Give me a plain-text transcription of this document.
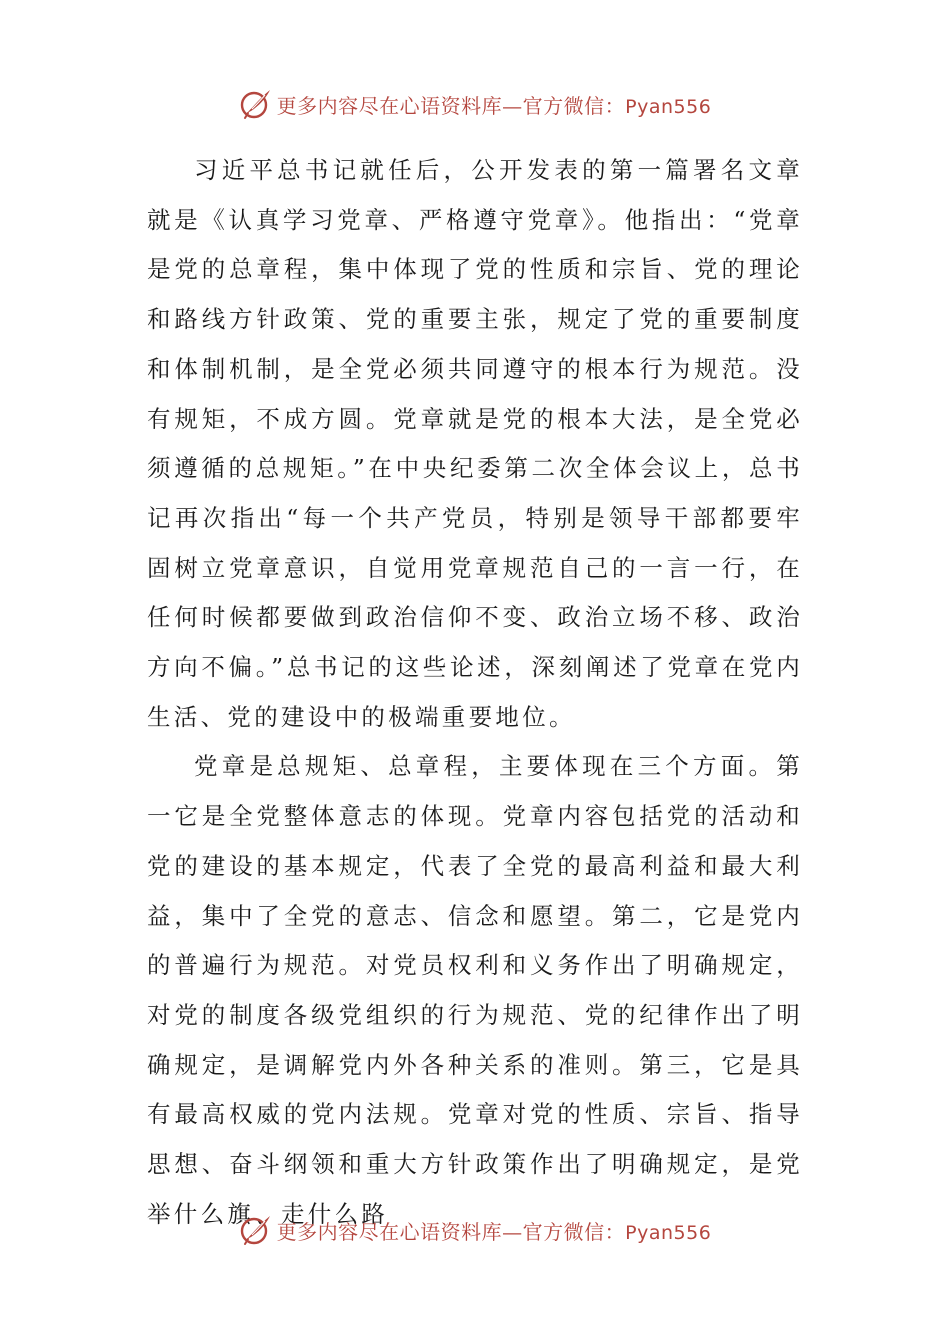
更多内容尽在心语资料库—官方微信：Pyan556

习近平总书记就任后，公开发表的第一篇署名文章就是《认真学习党章、严格遵守党章》。他指出：“党章是党的总章程，集中体现了党的性质和宗旨、党的理论和路线方针政策、党的重要主张，规定了党的重要制度和体制机制，是全党必须共同遵守的根本行为规范。没有规矩，不成方圆。党章就是党的根本大法，是全党必须遵循的总规矩。”在中央纪委第二次全体会议上，总书记再次指出“每一个共产党员，特别是领导干部都要牢固树立党章意识，自觉用党章规范自己的一言一行，在任何时候都要做到政治信仰不变、政治立场不移、政治方向不偏。”总书记的这些论述，深刻阐述了党章在党内生活、党的建设中的极端重要地位。

党章是总规矩、总章程，主要体现在三个方面。第一它是全党整体意志的体现。党章内容包括党的活动和党的建设的基本规定，代表了全党的最高利益和最大利益，集中了全党的意志、信念和愿望。第二，它是党内的普遍行为规范。对党员权利和义务作出了明确规定，对党的制度各级党组织的行为规范、党的纪律作出了明确规定，是调解党内外各种关系的准则。第三，它是具有最高权威的党内法规。党章对党的性质、宗旨、指导思想、奋斗纲领和重大方针政策作出了明确规定，是党举什么旗、走什么路

更多内容尽在心语资料库—官方微信：Pyan556
